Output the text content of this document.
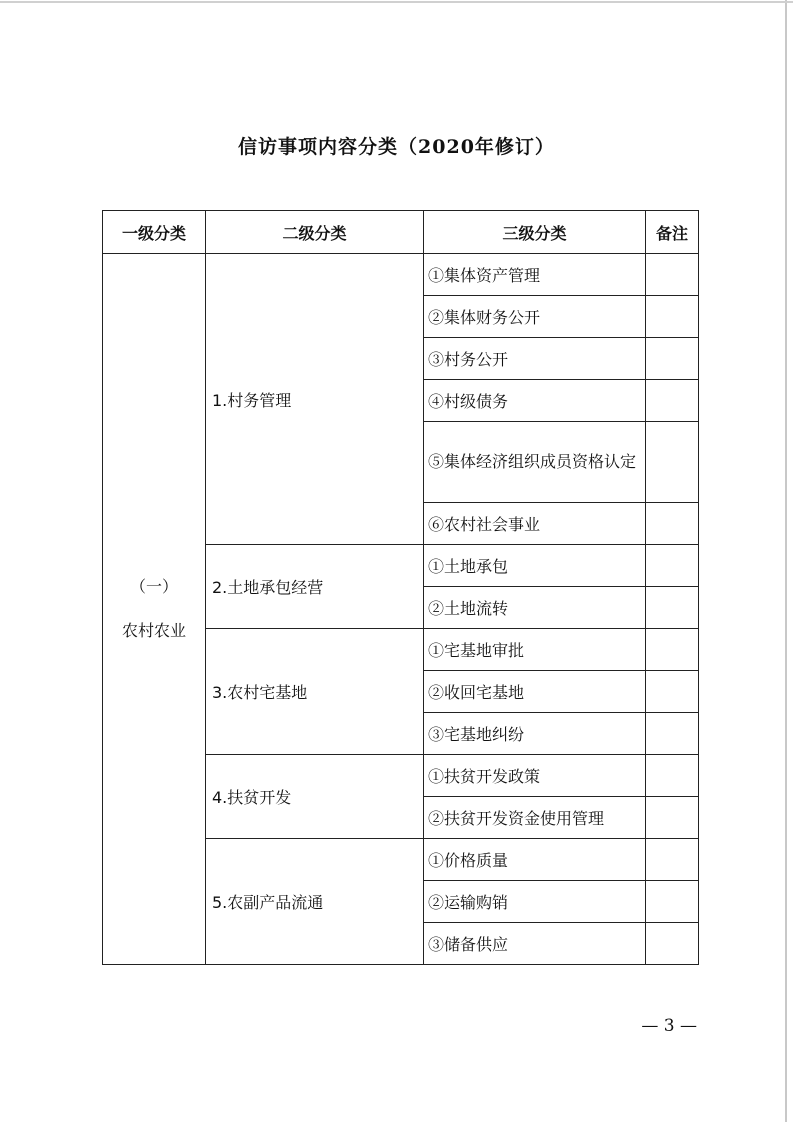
信访事项内容分类（2020年修订）
一级分类	二级分类	三级分类	备注

（一）
农村农业	1.村务管理	①集体资产管理	
		②集体财务公开	
		③村务公开	
		④村级债务	
		⑤集体经济组织成员资格认定	
		⑥农村社会事业	
	2.土地承包经营	①土地承包	
		②土地流转	
	3.农村宅基地	①宅基地审批	
		②收回宅基地	
		③宅基地纠纷	
	4.扶贫开发	①扶贫开发政策	
		②扶贫开发资金使用管理	
	5.农副产品流通	①价格质量	
		②运输购销	
		③储备供应	
— 3 —
